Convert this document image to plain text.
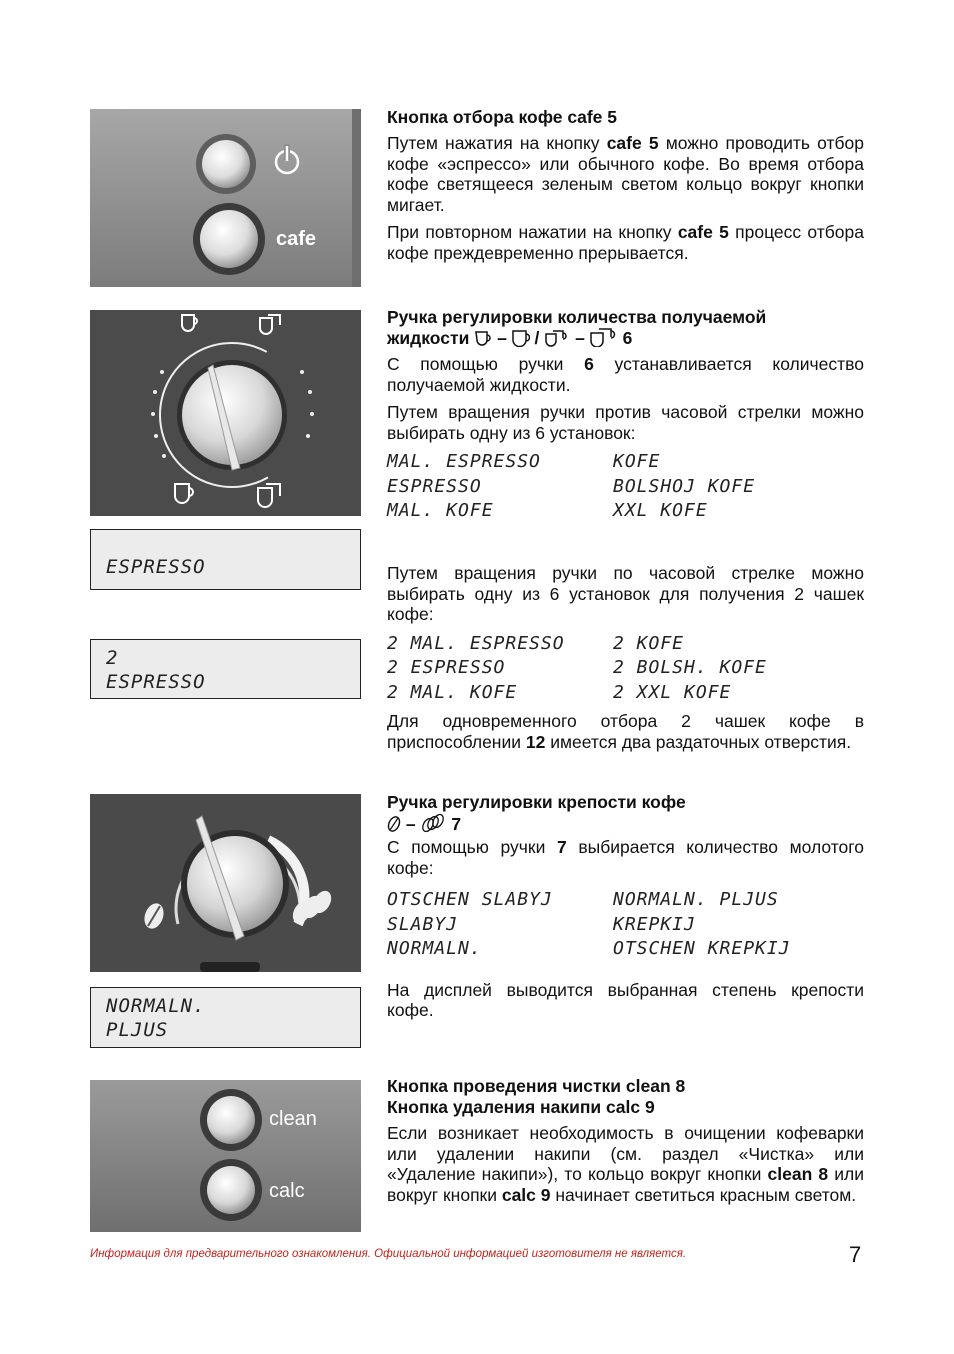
cafe
ESPRESSO
2
ESPRESSO
NORMALN.
PLJUS
clean
calc
Кнопка отбора кофе cafe 5

Путем нажатия на кнопку cafe 5 можно проводить отбор кофе «эспрессо» или обычного кофе. Во время отбора кофе светящееся зеленым светом кольцо вокруг кнопки мигает.

При повторном нажатии на кнопку cafe 5 процесс отбора кофе преждевременно прерывается.

Ручка регулировки количества получаемой
жидкости  –  /  –  6

С помощью ручки 6 устанавливается количество получаемой жидкости.

Путем вращения ручки против часовой стрелки можно выбирать одну из 6 установок:

MAL. ESPRESSO	KOFE
ESPRESSO	BOLSHOJ KOFE
MAL. KOFE	XXL KOFE

Путем вращения ручки по часовой стрелке можно выбирать одну из 6 установок для получения 2 чашек кофе:

2 MAL. ESPRESSO	2 KOFE
2 ESPRESSO	2 BOLSH. KOFE
2 MAL. KOFE	2 XXL KOFE

Для одновременного отбора 2 чашек кофе в приспособлении 12 имеется два раздаточных отверстия.

Ручка регулировки крепости кофе
–  7

С помощью ручки 7 выбирается количество молотого кофе:

OTSCHEN SLABYJ	NORMALN. PLJUS
SLABYJ	KREPKIJ
NORMALN.	OTSCHEN KREPKIJ

На дисплей выводится выбранная степень крепости кофе.

Кнопка проведения чистки clean 8
Кнопка удаления накипи calc 9

Если возникает необходимость в очищении кофеварки или удалении накипи (см. раздел «Чистка» или «Удаление накипи»), то кольцо вокруг кнопки clean 8 или вокруг кнопки calc 9 начинает светиться красным светом.

Информация для предварительного ознакомления. Официальной информацией изготовителя не является.	7
